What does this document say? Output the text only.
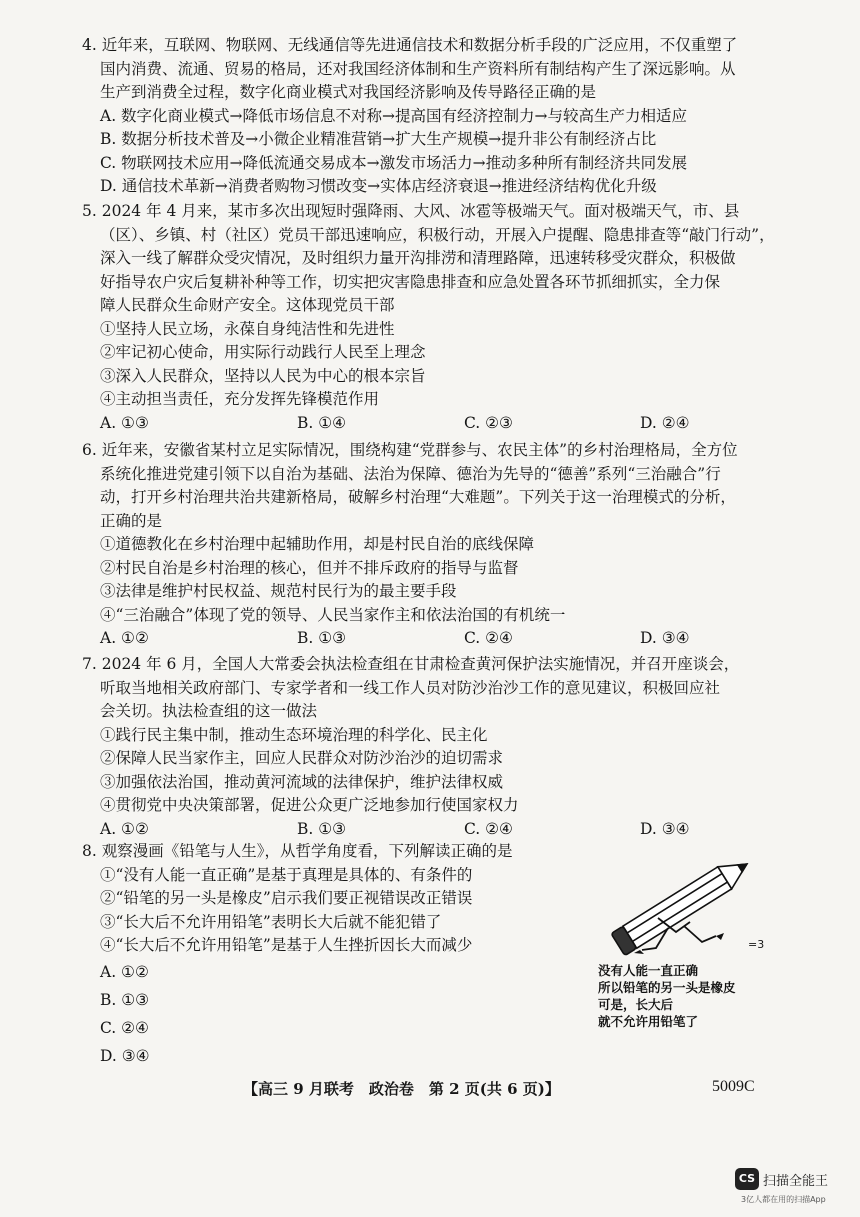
4. 近年来，互联网、物联网、无线通信等先进通信技术和数据分析手段的广泛应用，不仅重塑了
国内消费、流通、贸易的格局，还对我国经济体制和生产资料所有制结构产生了深远影响。从
生产到消费全过程，数字化商业模式对我国经济影响及传导路径正确的是
A. 数字化商业模式→降低市场信息不对称→提高国有经济控制力→与较高生产力相适应
B. 数据分析技术普及→小微企业精准营销→扩大生产规模→提升非公有制经济占比
C. 物联网技术应用→降低流通交易成本→激发市场活力→推动多种所有制经济共同发展
D. 通信技术革新→消费者购物习惯改变→实体店经济衰退→推进经济结构优化升级
5. 2024 年 4 月来，某市多次出现短时强降雨、大风、冰雹等极端天气。面对极端天气，市、县
（区）、乡镇、村（社区）党员干部迅速响应，积极行动，开展入户提醒、隐患排查等“敲门行动”，
深入一线了解群众受灾情况，及时组织力量开沟排涝和清理路障，迅速转移受灾群众，积极做
好指导农户灾后复耕补种等工作，切实把灾害隐患排查和应急处置各环节抓细抓实，全力保
障人民群众生命财产安全。这体现党员干部
①坚持人民立场，永葆自身纯洁性和先进性
②牢记初心使命，用实际行动践行人民至上理念
③深入人民群众，坚持以人民为中心的根本宗旨
④主动担当责任，充分发挥先锋模范作用
A. ①③	B. ①④	C. ②③	D. ②④
6. 近年来，安徽省某村立足实际情况，围绕构建“党群参与、农民主体”的乡村治理格局，全方位
系统化推进党建引领下以自治为基础、法治为保障、德治为先导的“德善”系列“三治融合”行
动，打开乡村治理共治共建新格局，破解乡村治理“大难题”。下列关于这一治理模式的分析，
正确的是
①道德教化在乡村治理中起辅助作用，却是村民自治的底线保障
②村民自治是乡村治理的核心，但并不排斥政府的指导与监督
③法律是维护村民权益、规范村民行为的最主要手段
④“三治融合”体现了党的领导、人民当家作主和依法治国的有机统一
A. ①②	B. ①③	C. ②④	D. ③④
7. 2024 年 6 月，全国人大常委会执法检查组在甘肃检查黄河保护法实施情况，并召开座谈会，
听取当地相关政府部门、专家学者和一线工作人员对防沙治沙工作的意见建议，积极回应社
会关切。执法检查组的这一做法
①践行民主集中制，推动生态环境治理的科学化、民主化
②保障人民当家作主，回应人民群众对防沙治沙的迫切需求
③加强依法治国，推动黄河流域的法律保护，维护法律权威
④贯彻党中央决策部署，促进公众更广泛地参加行使国家权力
A. ①②	B. ①③	C. ②④	D. ③④
8. 观察漫画《铅笔与人生》，从哲学角度看，下列解读正确的是
①“没有人能一直正确”是基于真理是具体的、有条件的
②“铅笔的另一头是橡皮”启示我们要正视错误改正错误
③“长大后不允许用铅笔”表明长大后就不能犯错了
④“长大后不允许用铅笔”是基于人生挫折因长大而减少
A. ①②
B. ①③
C. ②④
D. ③④
=3
没有人能一直正确
所以铅笔的另一头是橡皮
可是，长大后
就不允许用铅笔了
【高三 9 月联考　政治卷　第 2 页(共 6 页)】	5009C
CS 扫描全能王
3亿人都在用的扫描App
